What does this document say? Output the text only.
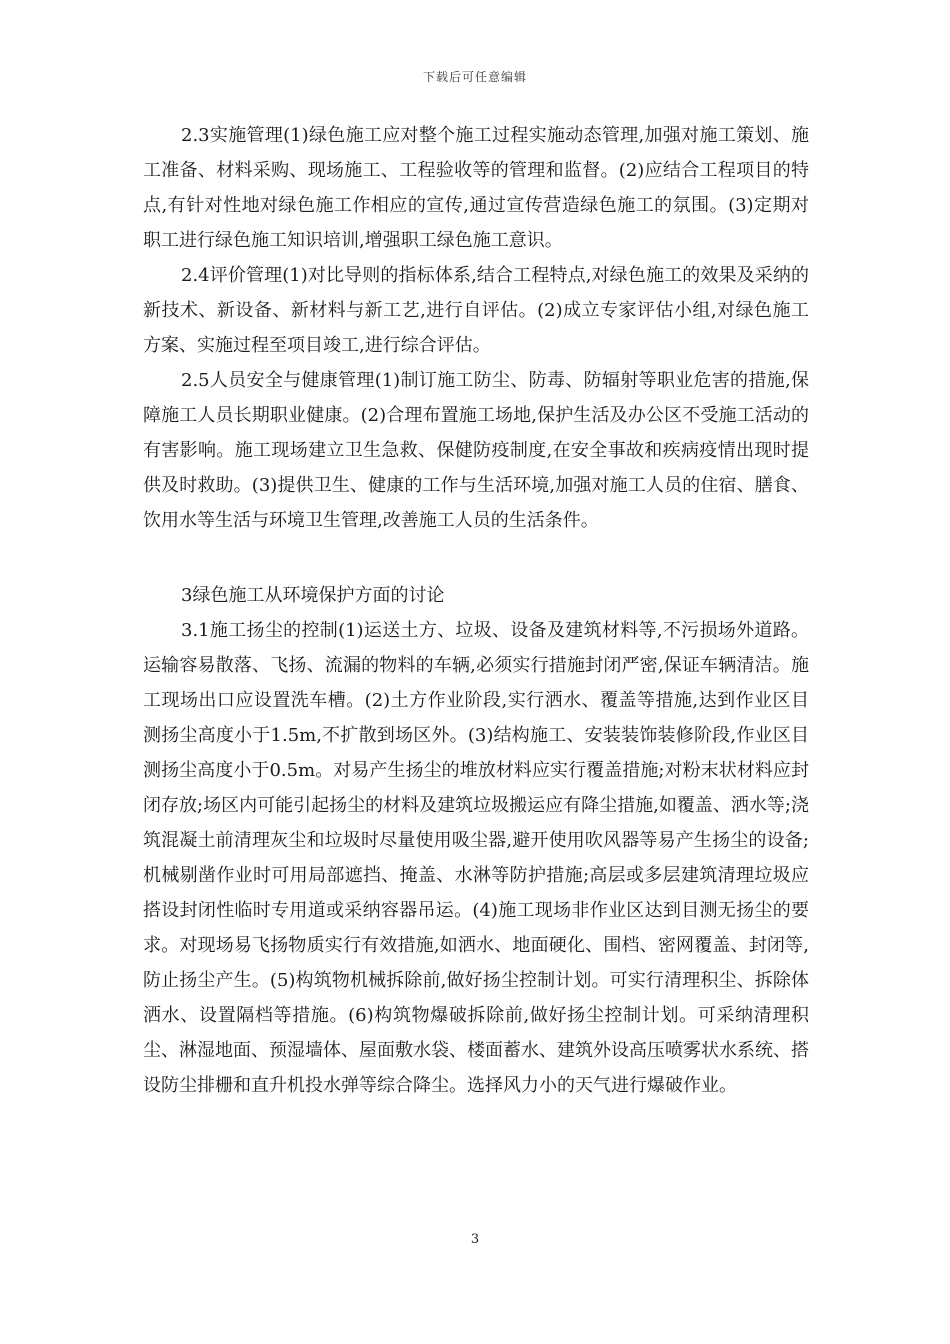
下载后可任意编辑

2.3实施管理(1)绿色施工应对整个施工过程实施动态管理,加强对施工策划、施工准备、材料采购、现场施工、工程验收等的管理和监督。(2)应结合工程项目的特点,有针对性地对绿色施工作相应的宣传,通过宣传营造绿色施工的氛围。(3)定期对职工进行绿色施工知识培训,增强职工绿色施工意识。

2.4评价管理(1)对比导则的指标体系,结合工程特点,对绿色施工的效果及采纳的新技术、新设备、新材料与新工艺,进行自评估。(2)成立专家评估小组,对绿色施工方案、实施过程至项目竣工,进行综合评估。

2.5人员安全与健康管理(1)制订施工防尘、防毒、防辐射等职业危害的措施,保障施工人员长期职业健康。(2)合理布置施工场地,保护生活及办公区不受施工活动的有害影响。施工现场建立卫生急救、保健防疫制度,在安全事故和疾病疫情出现时提供及时救助。(3)提供卫生、健康的工作与生活环境,加强对施工人员的住宿、膳食、饮用水等生活与环境卫生管理,改善施工人员的生活条件。

3绿色施工从环境保护方面的讨论

3.1施工扬尘的控制(1)运送土方、垃圾、设备及建筑材料等,不污损场外道路。运输容易散落、飞扬、流漏的物料的车辆,必须实行措施封闭严密,保证车辆清洁。施工现场出口应设置洗车槽。(2)土方作业阶段,实行洒水、覆盖等措施,达到作业区目测扬尘高度小于1.5m,不扩散到场区外。(3)结构施工、安装装饰装修阶段,作业区目测扬尘高度小于0.5m。对易产生扬尘的堆放材料应实行覆盖措施;对粉末状材料应封闭存放;场区内可能引起扬尘的材料及建筑垃圾搬运应有降尘措施,如覆盖、洒水等;浇筑混凝土前清理灰尘和垃圾时尽量使用吸尘器,避开使用吹风器等易产生扬尘的设备;机械剔凿作业时可用局部遮挡、掩盖、水淋等防护措施;高层或多层建筑清理垃圾应搭设封闭性临时专用道或采纳容器吊运。(4)施工现场非作业区达到目测无扬尘的要求。对现场易飞扬物质实行有效措施,如洒水、地面硬化、围档、密网覆盖、封闭等,防止扬尘产生。(5)构筑物机械拆除前,做好扬尘控制计划。可实行清理积尘、拆除体洒水、设置隔档等措施。(6)构筑物爆破拆除前,做好扬尘控制计划。可采纳清理积尘、淋湿地面、预湿墙体、屋面敷水袋、楼面蓄水、建筑外设高压喷雾状水系统、搭设防尘排栅和直升机投水弹等综合降尘。选择风力小的天气进行爆破作业。

3
